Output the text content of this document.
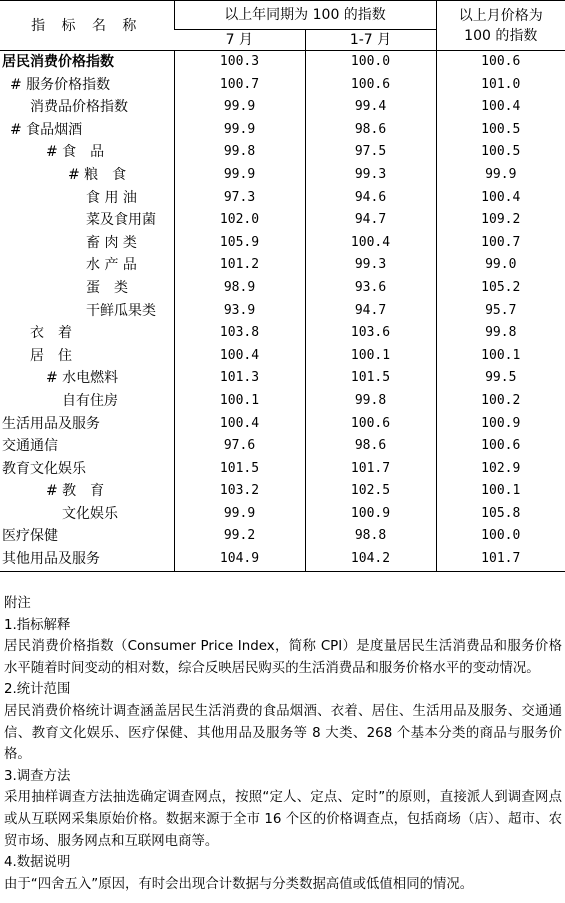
指 标 名 称	以上年同期为 100 的指数		以上月价格为
100 的指数

	7 月	1-7 月	
居民消费价格指数	100.3	100.0	100.6
# 服务价格指数	100.7	100.6	101.0
消费品价格指数	99.9	99.4	100.4
# 食品烟酒	99.9	98.6	100.5
# 食　品	99.8	97.5	100.5
# 粮　食	99.9	99.3	99.9
食 用 油	97.3	94.6	100.4
菜及食用菌	102.0	94.7	109.2
畜 肉 类	105.9	100.4	100.7
水 产 品	101.2	99.3	99.0
蛋　类	98.9	93.6	105.2
干鲜瓜果类	93.9	94.7	95.7
衣　着	103.8	103.6	99.8
居　住	100.4	100.1	100.1
# 水电燃料	101.3	101.5	99.5
自有住房	100.1	99.8	100.2
生活用品及服务	100.4	100.6	100.9
交通通信	97.6	98.6	100.6
教育文化娱乐	101.5	101.7	102.9
# 教　育	103.2	102.5	100.1
文化娱乐	99.9	100.9	105.8
医疗保健	99.2	98.8	100.0
其他用品及服务	104.9	104.2	101.7

附注

1.指标解释

居民消费价格指数（Consumer Price Index，简称 CPI）是度量居民生活消费品和服务价格水平随着时间变动的相对数，综合反映居民购买的生活消费品和服务价格水平的变动情况。

2.统计范围

居民消费价格统计调查涵盖居民生活消费的食品烟酒、衣着、居住、生活用品及服务、交通通信、教育文化娱乐、医疗保健、其他用品及服务等 8 大类、268 个基本分类的商品与服务价格。

3.调查方法

采用抽样调查方法抽选确定调查网点，按照“定人、定点、定时”的原则，直接派人到调查网点或从互联网采集原始价格。数据来源于全市 16 个区的价格调查点，包括商场（店）、超市、农贸市场、服务网点和互联网电商等。

4.数据说明

由于“四舍五入”原因，有时会出现合计数据与分类数据高值或低值相同的情况。
